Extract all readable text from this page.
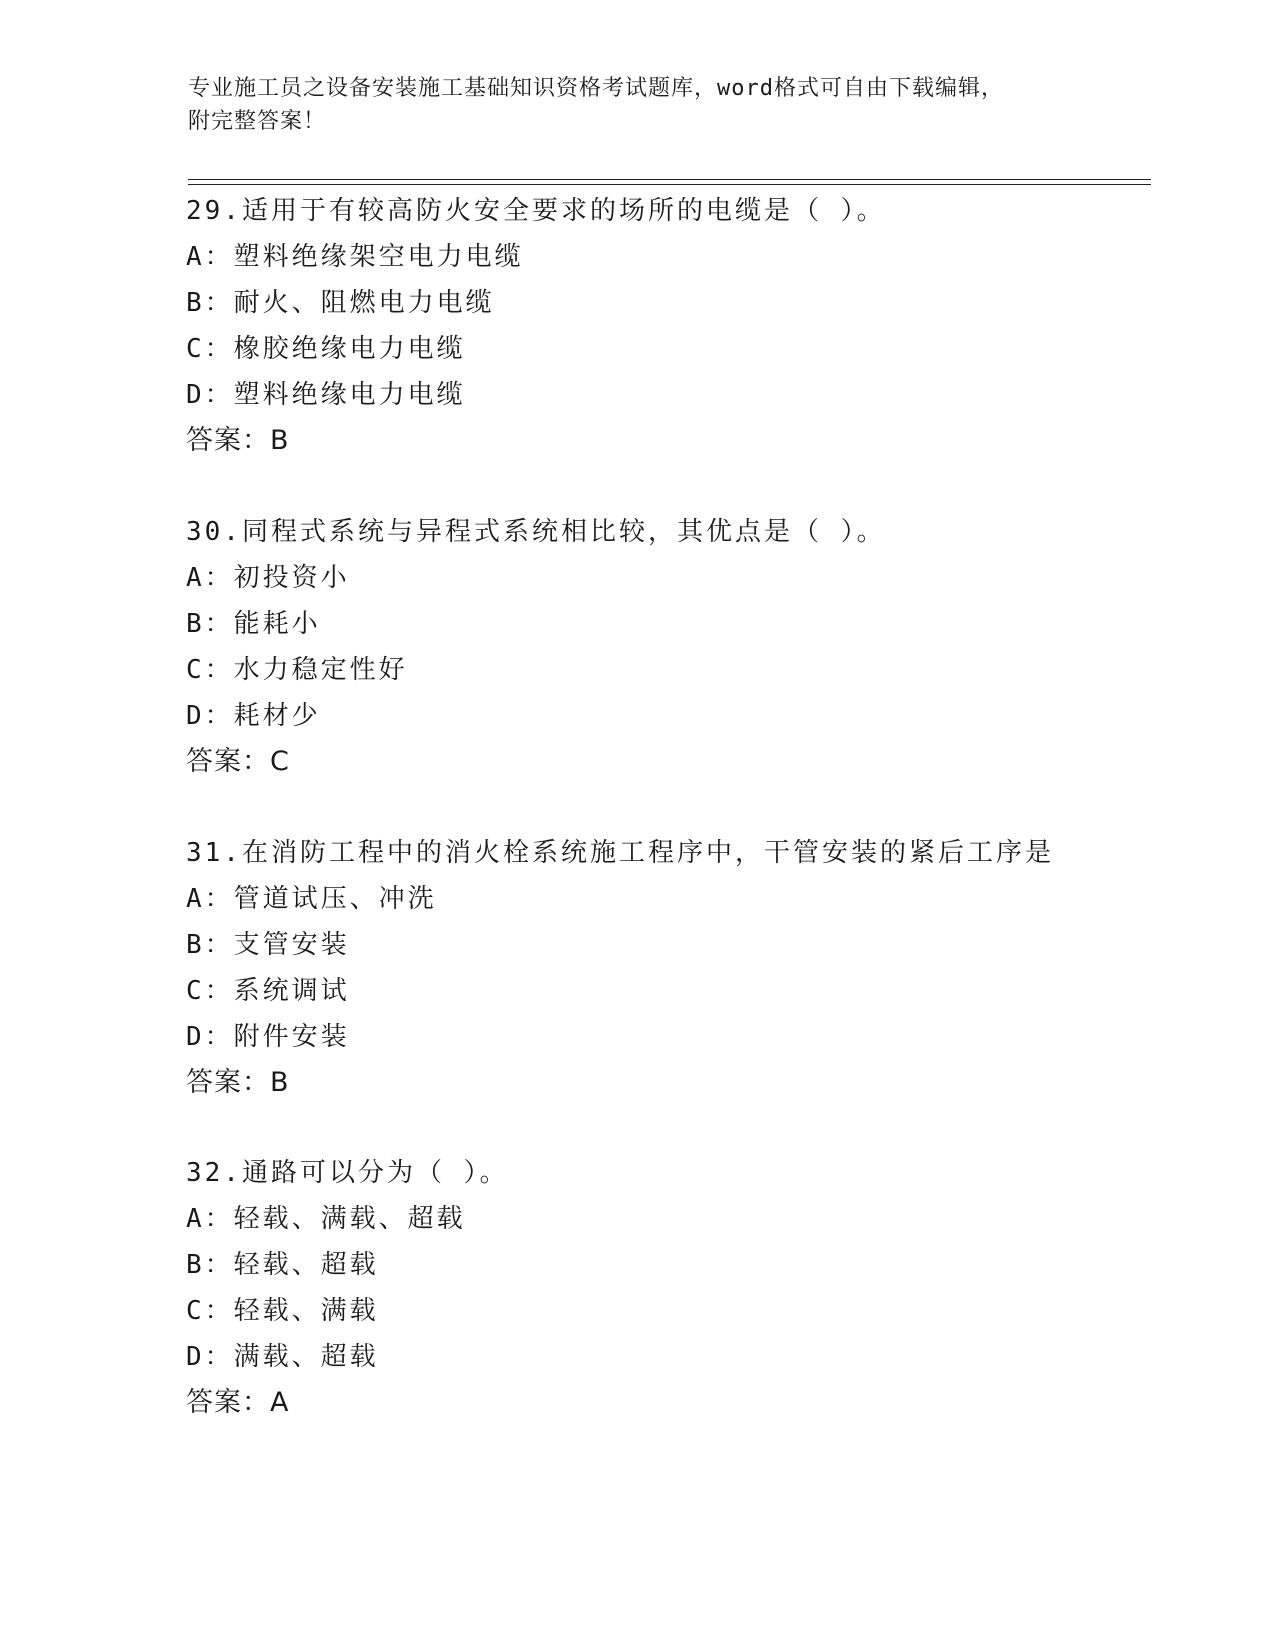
专业施工员之设备安装施工基础知识资格考试题库，word格式可自由下载编辑，
附完整答案！
29.适用于有较高防火安全要求的场所的电缆是（ ）。
A：塑料绝缘架空电力电缆
B：耐火、阻燃电力电缆
C：橡胶绝缘电力电缆
D：塑料绝缘电力电缆
答案：B
30.同程式系统与异程式系统相比较，其优点是（ ）。
A：初投资小
B：能耗小
C：水力稳定性好
D：耗材少
答案：C
31.在消防工程中的消火栓系统施工程序中，干管安装的紧后工序是
A：管道试压、冲洗
B：支管安装
C：系统调试
D：附件安装
答案：B
32.通路可以分为（ ）。
A：轻载、满载、超载
B：轻载、超载
C：轻载、满载
D：满载、超载
答案：A
